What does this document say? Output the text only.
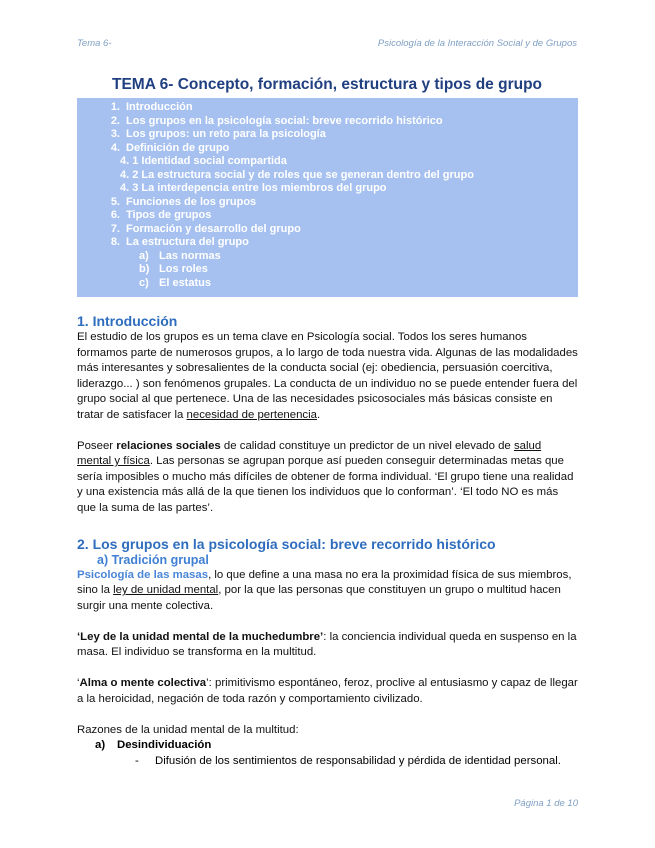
Tema 6-	Psicología de la Interacción Social y de Grupos
TEMA 6- Concepto, formación, estructura y tipos de grupo
1. Introducción
2. Los grupos en la psicología social: breve recorrido histórico
3. Los grupos: un reto para la psicología
4. Definición de grupo
4. 1 Identidad social compartida
4. 2 La estructura social y de roles que se generan dentro del grupo
4. 3 La interdepencia entre los miembros del grupo
5. Funciones de los grupos
6. Tipos de grupos
7. Formación y desarrollo del grupo
8. La estructura del grupo
a) Las normas
b) Los roles
c) El estatus
1. Introducción

El estudio de los grupos es un tema clave en Psicología social. Todos los seres humanos formamos parte de numerosos grupos, a lo largo de toda nuestra vida. Algunas de las modalidades más interesantes y sobresalientes de la conducta social (ej: obediencia, persuasión coercitiva, liderazgo... ) son fenómenos grupales. La conducta de un individuo no se puede entender fuera del grupo social al que pertenece. Una de las necesidades psicosociales más básicas consiste en tratar de satisfacer la necesidad de pertenencia.

Poseer relaciones sociales de calidad constituye un predictor de un nivel elevado de salud mental y física. Las personas se agrupan porque así pueden conseguir determinadas metas que sería imposibles o mucho más difíciles de obtener de forma individual. ‘El grupo tiene una realidad y una existencia más allá de la que tienen los individuos que lo conforman’. ‘El todo NO es más que la suma de las partes’.

2. Los grupos en la psicología social: breve recorrido histórico
a) Tradición grupal

Psicología de las masas, lo que define a una masa no era la proximidad física de sus miembros, sino la ley de unidad mental, por la que las personas que constituyen un grupo o multitud hacen surgir una mente colectiva.

‘Ley de la unidad mental de la muchedumbre’: la conciencia individual queda en suspenso en la masa. El individuo se transforma en la multitud.

‘Alma o mente colectiva’: primitivismo espontáneo, feroz, proclive al entusiasmo y capaz de llegar a la heroicidad, negación de toda razón y comportamiento civilizado.

Razones de la unidad mental de la multitud:

a) Desindividuación
- Difusión de los sentimientos de responsabilidad y pérdida de identidad personal.
Página 1 de 10
